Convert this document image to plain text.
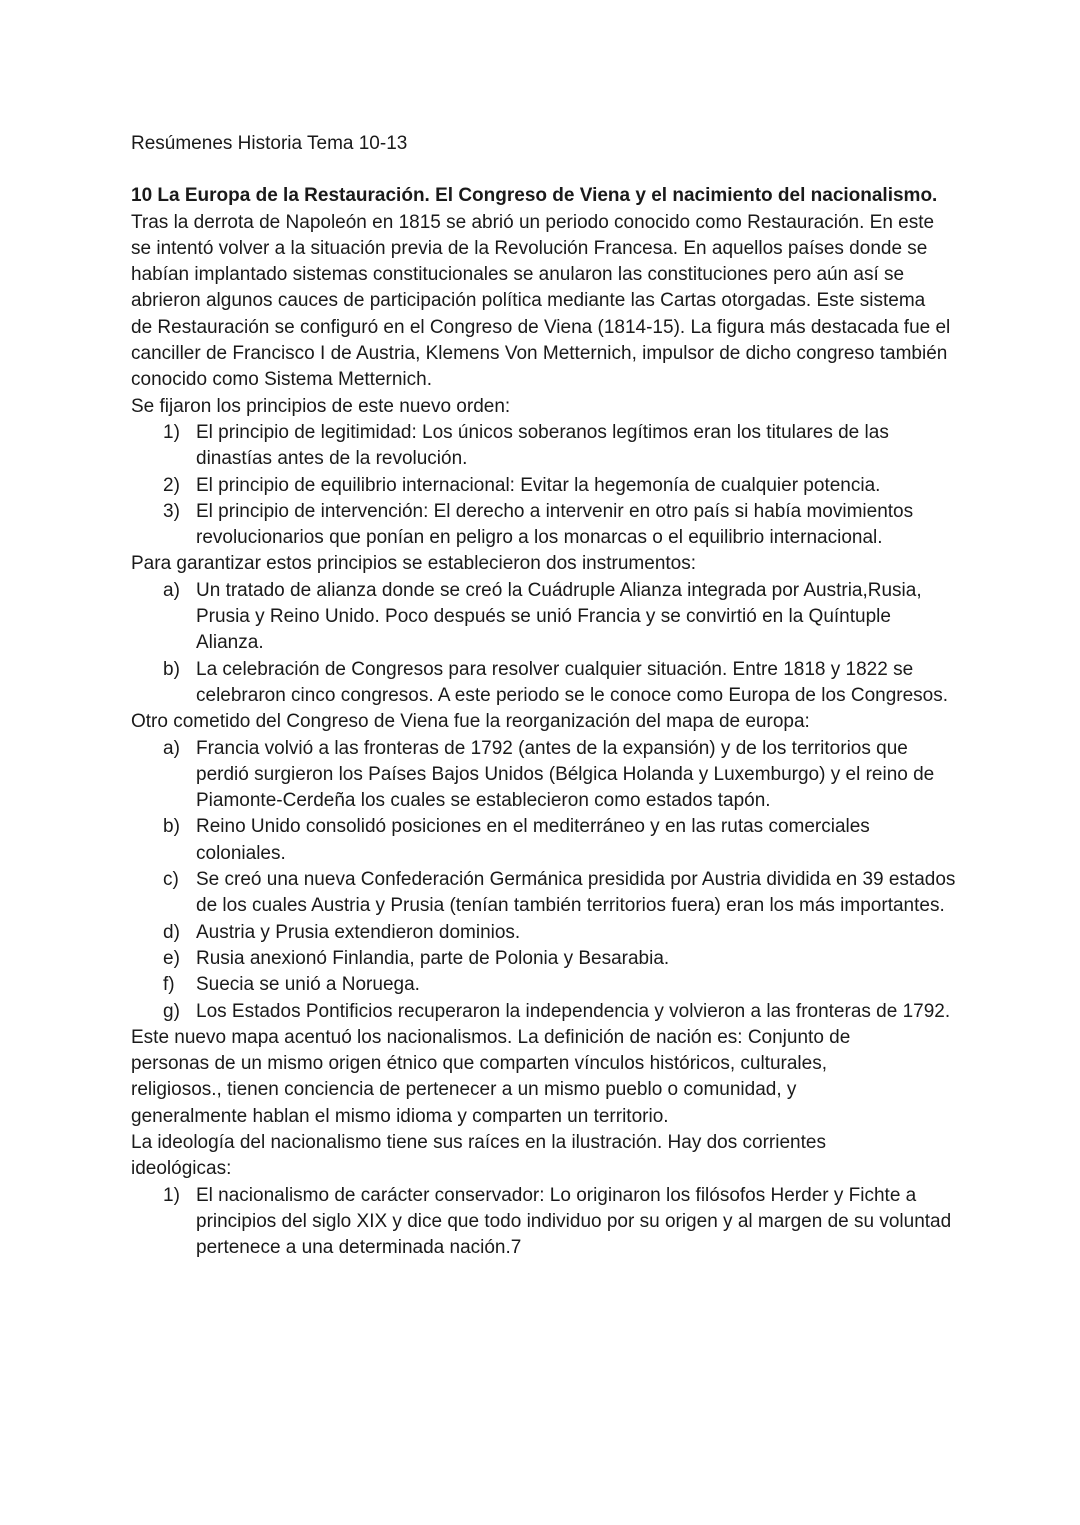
Resúmenes Historia Tema 10-13
10 La Europa de la Restauración. El Congreso de Viena y el nacimiento del nacionalismo.

Tras la derrota de Napoleón en 1815 se abrió un periodo conocido como Restauración. En este se intentó volver a la situación previa de la Revolución Francesa. En aquellos países donde se habían implantado sistemas constitucionales se anularon las constituciones pero aún así se abrieron algunos cauces de participación política mediante las Cartas otorgadas. Este sistema de Restauración se configuró en el Congreso de Viena (1814-15). La figura más destacada fue el canciller de Francisco I de Austria, Klemens Von Metternich, impulsor de dicho congreso también conocido como Sistema Metternich.

Se fijaron los principios de este nuevo orden:

1) El principio de legitimidad: Los únicos soberanos legítimos eran los titulares de las dinastías antes de la revolución.
2) El principio de equilibrio internacional: Evitar la hegemonía de cualquier potencia.
3) El principio de intervención: El derecho a intervenir en otro país si había movimientos revolucionarios que ponían en peligro a los monarcas o el equilibrio internacional.

Para garantizar estos principios se establecieron dos instrumentos:

a) Un tratado de alianza donde se creó la Cuádruple Alianza integrada por Austria,Rusia, Prusia y Reino Unido. Poco después se unió Francia y se convirtió en la Quíntuple Alianza.
b) La celebración de Congresos para resolver cualquier situación. Entre 1818 y 1822 se celebraron cinco congresos. A este periodo se le conoce como Europa de los Congresos.

Otro cometido del Congreso de Viena fue la reorganización del mapa de europa:

a) Francia volvió a las fronteras de 1792 (antes de la expansión) y de los territorios que perdió surgieron los Países Bajos Unidos (Bélgica Holanda y Luxemburgo) y el reino de Piamonte-Cerdeña los cuales se establecieron como estados tapón.
b) Reino Unido consolidó posiciones en el mediterráneo y en las rutas comerciales coloniales.
c) Se creó una nueva Confederación Germánica presidida por Austria dividida en 39 estados de los cuales Austria y Prusia (tenían también territorios fuera) eran los más importantes.
d) Austria y Prusia extendieron dominios.
e) Rusia anexionó Finlandia, parte de Polonia y Besarabia.
f) Suecia se unió a Noruega.
g) Los Estados Pontificios recuperaron la independencia y volvieron a las fronteras de 1792.

Este nuevo mapa acentuó los nacionalismos. La definición de nación es: Conjunto de personas de un mismo origen étnico que comparten vínculos históricos, culturales, religiosos., tienen conciencia de pertenecer a un mismo pueblo o comunidad, y generalmente hablan el mismo idioma y comparten un territorio.

La ideología del nacionalismo tiene sus raíces en la ilustración. Hay dos corrientes ideológicas:

1) El nacionalismo de carácter conservador: Lo originaron los filósofos Herder y Fichte a principios del siglo XIX y dice que todo individuo por su origen y al margen de su voluntad pertenece a una determinada nación.7
